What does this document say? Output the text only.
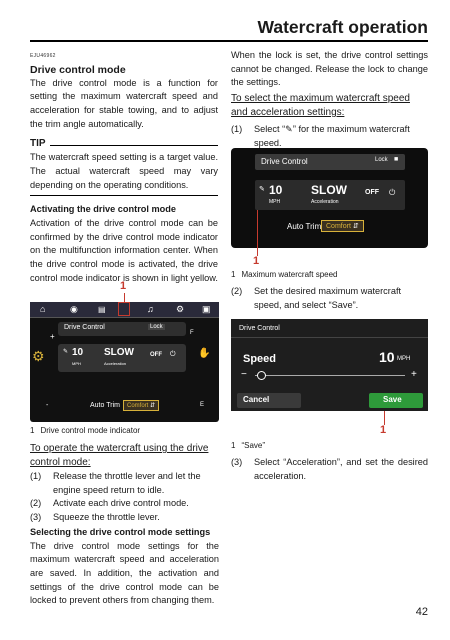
Watercraft operation
EJU46962
Drive control mode
The drive control mode is a function for setting the maximum watercraft speed and acceleration for stable towing, and to adjust the trim angle automatically.
TIP
The watercraft speed setting is a target value. The actual watercraft speed may vary depending on the operating conditions.
Activating the drive control mode
Activation of the drive control mode can be confirmed by the drive control mode indicator on the multifunction information center. When the drive control mode is activated, the drive control mode indicator is shown in light yellow.
1
⌂	◉	▤	♫ ⚙ ▣
+	F
Drive Control	Lock
✎ 10
MPH
SLOW
Acceleration
OFF ⏻
⚙	✋
Auto Trim	Comfort ⇵
-	E
1 Drive control mode indicator
To operate the watercraft using the drive control mode:
(1)	Release the throttle lever and let the engine speed return to idle.
(2)	Activate each drive control mode.
(3)	Squeeze the throttle lever.
Selecting the drive control mode settings
The drive control mode settings for the maximum watercraft speed and acceleration are saved. In addition, the activation and settings of the drive control mode can be locked to prevent others from changing them.
When the lock is set, the drive control settings cannot be changed. Release the lock to change the settings.
To select the maximum watercraft speed and acceleration settings:
(1)	Select “✎” for the maximum watercraft speed.
Drive Control	Lock ■
✎ 10
MPH
SLOW
Acceleration
OFF ⏻
Auto Trim Comfort ⇵
1
1 Maximum watercraft speed
(2)	Set the desired maximum watercraft speed, and select “Save”.
Drive Control
Speed	10 MPH
−	+
Cancel	Save
1
1 “Save”
(3)	Select “Acceleration”, and set the desired acceleration.
42
